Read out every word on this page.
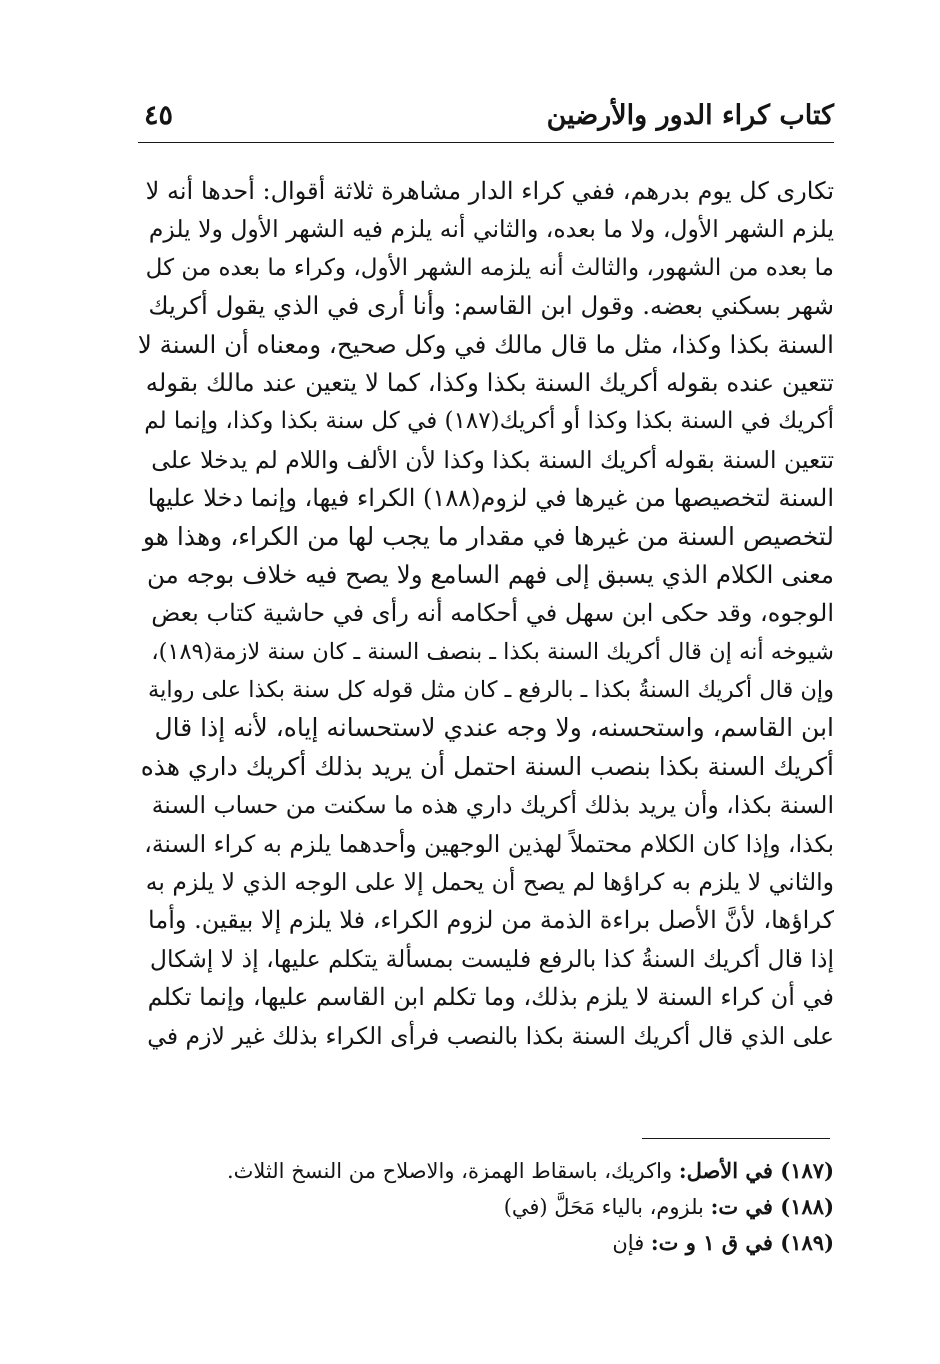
كتاب كراء الدور والأرضين
٤٥
تكارى كل يوم بدرهم، ففي كراء الدار مشاهرة ثلاثة أقوال: أحدها أنه لا
يلزم الشهر الأول، ولا ما بعده، والثاني أنه يلزم فيه الشهر الأول ولا يلزم
ما بعده من الشهور، والثالث أنه يلزمه الشهر الأول، وكراء ما بعده من كل
شهر بسكني بعضه. وقول ابن القاسم: وأنا أرى في الذي يقول أكريك
السنة بكذا وكذا، مثل ما قال مالك في وكل صحيح، ومعناه أن السنة لا
تتعين عنده بقوله أكريك السنة بكذا وكذا، كما لا يتعين عند مالك بقوله
أكريك في السنة بكذا وكذا أو أكريك(١٨٧) في كل سنة بكذا وكذا، وإنما لم
تتعين السنة بقوله أكريك السنة بكذا وكذا لأن الألف واللام لم يدخلا على
السنة لتخصيصها من غيرها في لزوم(١٨٨) الكراء فيها، وإنما دخلا عليها
لتخصيص السنة من غيرها في مقدار ما يجب لها من الكراء، وهذا هو
معنى الكلام الذي يسبق إلى فهم السامع ولا يصح فيه خلاف بوجه من
الوجوه، وقد حكى ابن سهل في أحكامه أنه رأى في حاشية كتاب بعض
شيوخه أنه إن قال أكريك السنة بكذا ـ بنصف السنة ـ كان سنة لازمة(١٨٩)،
وإن قال أكريك السنةُ بكذا ـ بالرفع ـ كان مثل قوله كل سنة بكذا على رواية
ابن القاسم، واستحسنه، ولا وجه عندي لاستحسانه إياه، لأنه إذا قال
أكريك السنة بكذا بنصب السنة احتمل أن يريد بذلك أكريك داري هذه
السنة بكذا، وأن يريد بذلك أكريك داري هذه ما سكنت من حساب السنة
بكذا، وإذا كان الكلام محتملاً لهذين الوجهين وأحدهما يلزم به كراء السنة،
والثاني لا يلزم به كراؤها لم يصح أن يحمل إلا على الوجه الذي لا يلزم به
كراؤها، لأنَّ الأصل براءة الذمة من لزوم الكراء، فلا يلزم إلا بيقين. وأما
إذا قال أكريك السنةُ كذا بالرفع فليست بمسألة يتكلم عليها، إذ لا إشكال
في أن كراء السنة لا يلزم بذلك، وما تكلم ابن القاسم عليها، وإنما تكلم
على الذي قال أكريك السنة بكذا بالنصب فرأى الكراء بذلك غير لازم في
(١٨٧) في الأصل: واكريك، باسقاط الهمزة، والاصلاح من النسخ الثلاث.
(١٨٨) في ت: بلزوم، بالياء مَحَلَّ (في)
(١٨٩) في ق ١ و ت: فإن
